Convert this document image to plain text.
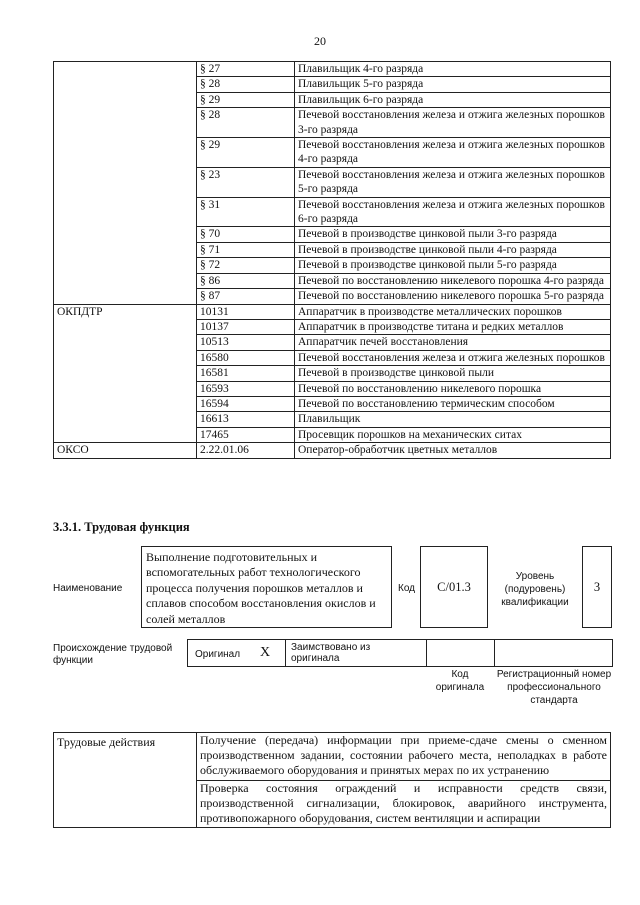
20
	§ 27	Плавильщик 4-го разряда
	§ 28	Плавильщик 5-го разряда
	§ 29	Плавильщик 6-го разряда
	§ 28	Печевой восстановления железа и отжига железных порошков 3-го разряда
	§ 29	Печевой восстановления железа и отжига железных порошков 4-го разряда
	§ 23	Печевой восстановления железа и отжига железных порошков 5-го разряда
	§ 31	Печевой восстановления железа и отжига железных порошков 6-го разряда
	§ 70	Печевой в производстве цинковой пыли 3-го разряда
	§ 71	Печевой в производстве цинковой пыли 4-го разряда
	§ 72	Печевой в производстве цинковой пыли 5-го разряда
	§ 86	Печевой по восстановлению никелевого порошка 4-го разряда
	§ 87	Печевой по восстановлению никелевого порошка 5-го разряда
ОКПДТР	10131	Аппаратчик в производстве металлических порошков
	10137	Аппаратчик в производстве титана и редких металлов
	10513	Аппаратчик печей восстановления
	16580	Печевой восстановления железа и отжига железных порошков
	16581	Печевой в производстве цинковой пыли
	16593	Печевой по восстановлению никелевого порошка
	16594	Печевой по восстановлению термическим способом
	16613	Плавильщик
	17465	Просевщик порошков на механических ситах
ОКСО	2.22.01.06	Оператор-обработчик цветных металлов
3.3.1. Трудовая функция
Наименование
Выполнение подготовительных и вспомогательных работ технологического процесса получения порошков металлов и сплавов способом восстановления окислов и солей металлов
Код C/01.3
Уровень (подуровень) квалификации
3
Происхождение трудовой функции
Оригинал X Заимствовано из оригинала
Код оригинала
Регистрационный номер профессионального стандарта
Трудовые действия	Получение (передача) информации при приеме-сдаче смены о сменном производственном задании, состоянии рабочего места, неполадках в работе обслуживаемого оборудования и принятых мерах по их устранению
Проверка состояния ограждений и исправности средств связи, производственной сигнализации, блокировок, аварийного инструмента, противопожарного оборудования, систем вентиляции и аспирации
